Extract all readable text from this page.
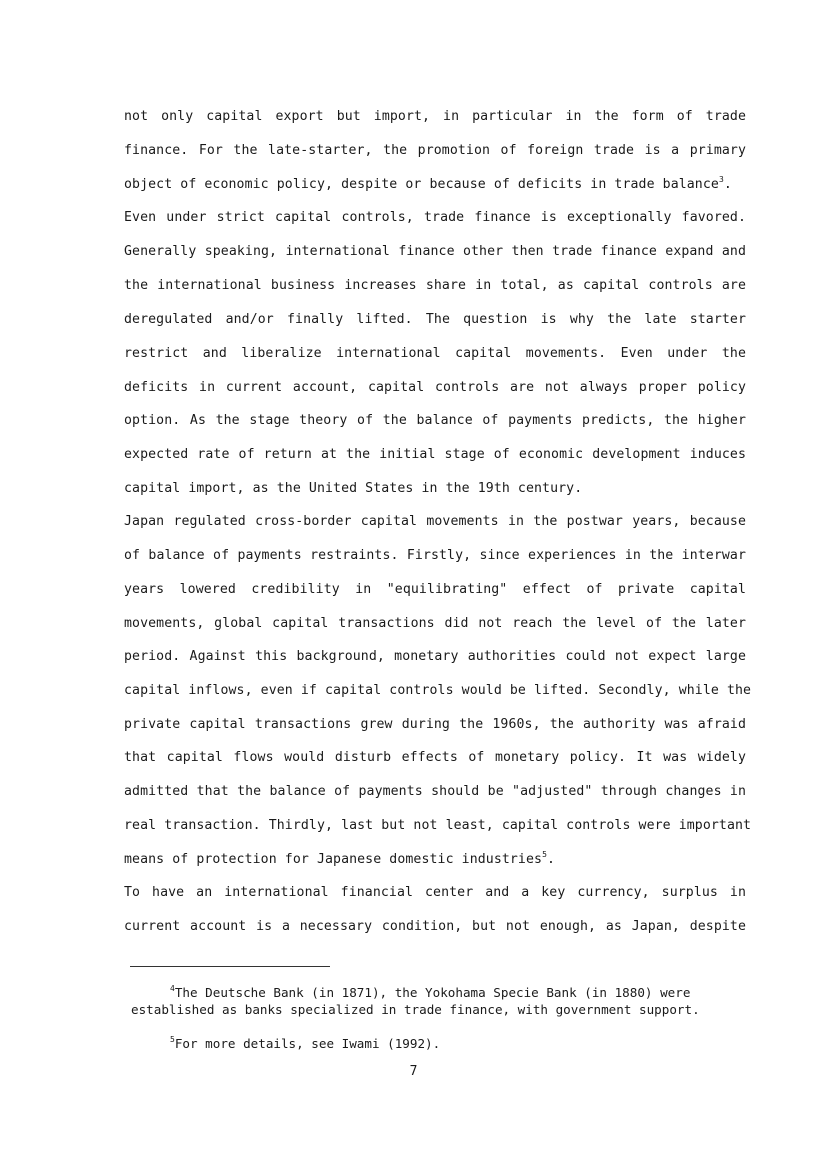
not only capital export but import, in particular in the form of trade
finance. For the late-starter, the promotion of foreign trade is a primary
object of economic policy, despite or because of deficits in trade balance$^3$.
Even under strict capital controls, trade finance is exceptionally favored.
Generally speaking, international finance other then trade finance expand and
the international business increases share in total, as capital controls are
deregulated and/or finally lifted. The question is why the late starter
restrict and liberalize international capital movements. Even under the
deficits in current account, capital controls are not always proper policy
option. As the stage theory of the balance of payments predicts, the higher
expected rate of return at the initial stage of economic development induces
capital import, as the United States in the 19th century.
Japan regulated cross-border capital movements in the postwar years, because
of balance of payments restraints. Firstly, since experiences in the interwar
years lowered credibility in "equilibrating" effect of private capital
movements, global capital transactions did not reach the level of the later
period. Against this background, monetary authorities could not expect large
capital inflows, even if capital controls would be lifted. Secondly, while the
private capital transactions grew during the 1960s, the authority was afraid
that capital flows would disturb effects of monetary policy. It was widely
admitted that the balance of payments should be "adjusted" through changes in
real transaction. Thirdly, last but not least, capital controls were important
means of protection for Japanese domestic industries$^5$.
To have an international financial center and a key currency, surplus in
current account is a necessary condition, but not enough, as Japan, despite
$^4$The Deutsche Bank (in 1871), the Yokohama Specie Bank (in 1880) were
established as banks specialized in trade finance, with government support.
$^5$For more details, see Iwami (1992).
7
